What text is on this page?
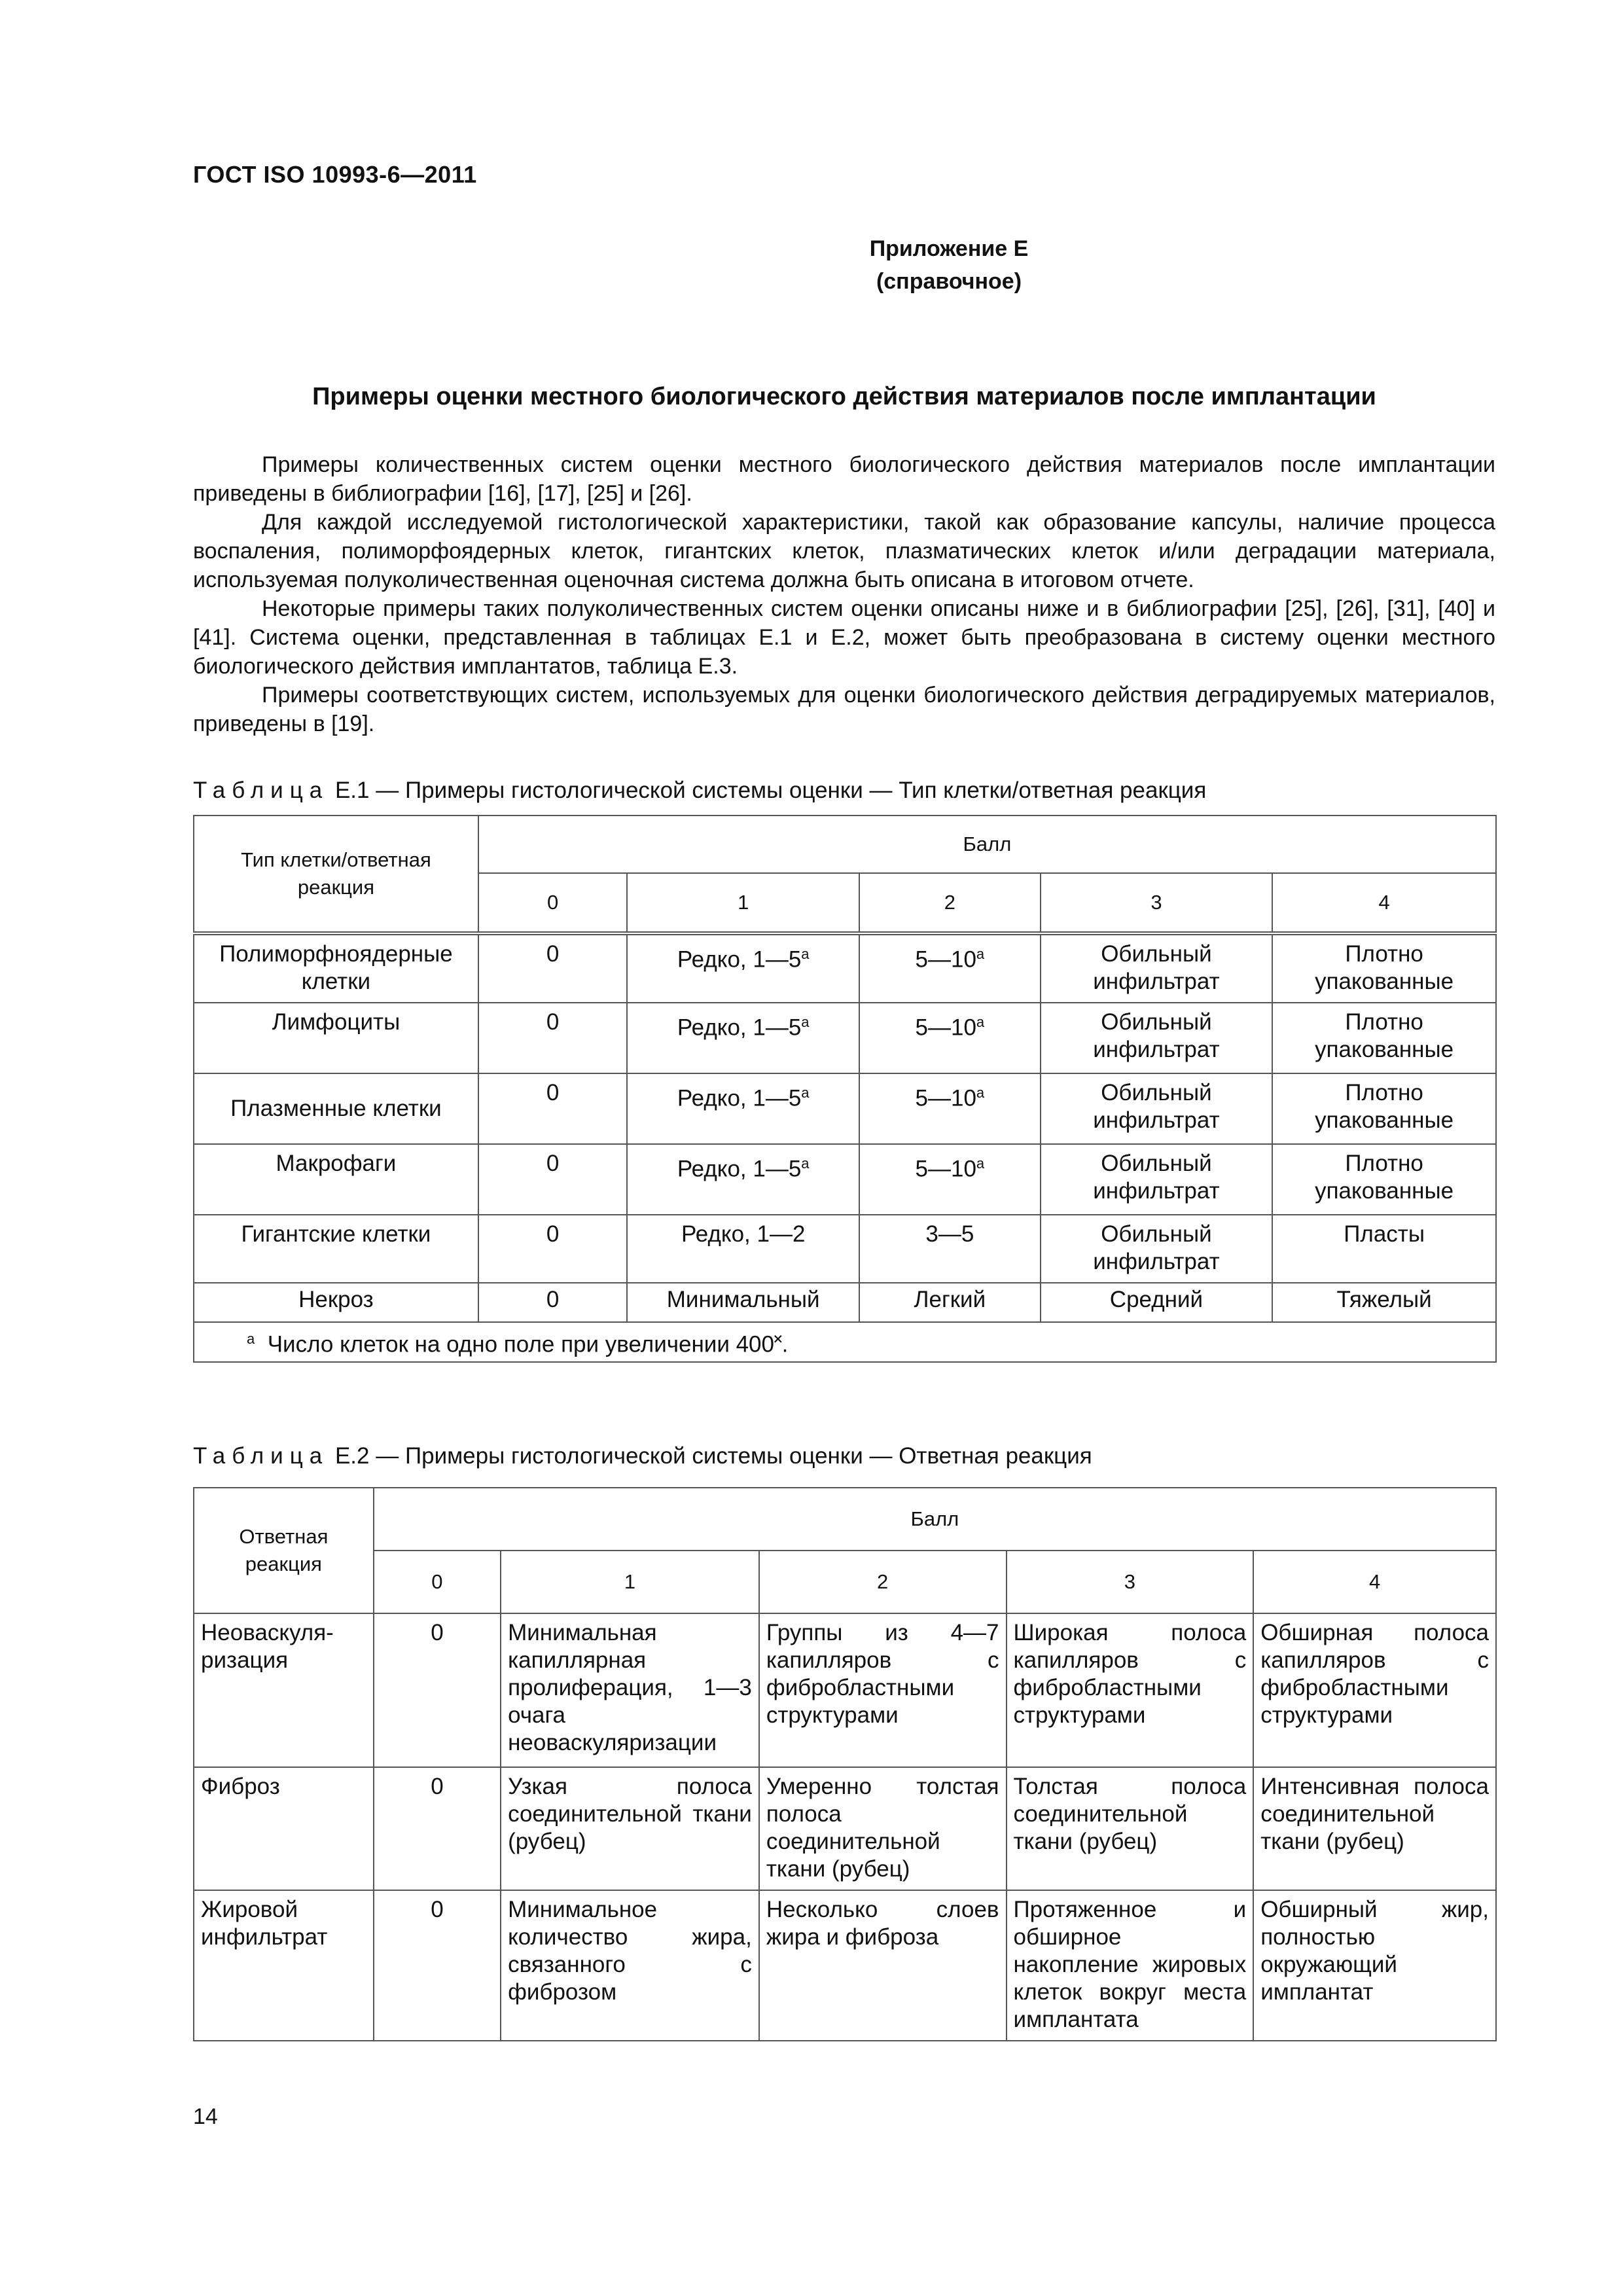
ГОСТ ISO 10993-6—2011
Приложение Е
(справочное)
Примеры оценки местного биологического действия материалов после имплантации

Примеры количественных систем оценки местного биологического действия материалов после имплантации приведены в библиографии [16], [17], [25] и [26].

Для каждой исследуемой гистологической характеристики, такой как образование капсулы, наличие процесса воспаления, полиморфоядерных клеток, гигантских клеток, плазматических клеток и/или деградации материала, используемая полуколичественная оценочная система должна быть описана в итоговом отчете.

Некоторые примеры таких полуколичественных систем оценки описаны ниже и в библиографии [25], [26], [31], [40] и [41]. Система оценки, представленная в таблицах Е.1 и Е.2, может быть преобразована в систему оценки местного биологического действия имплантатов, таблица Е.3.

Примеры соответствующих систем, используемых для оценки биологического действия деградируемых материалов, приведены в [19].

Таблица Е.1 — Примеры гистологической системы оценки — Тип клетки/ответная реакция
Тип клетки/ответная реакция	Балл				
	0	1	2	3	4
Полиморфноядерные клетки	0	Редко, $1—5^а$	$5—10^а$	Обильный инфильтрат	Плотно упакованные
Лимфоциты	0	Редко, $1—5^а$	$5—10^а$	Обильный инфильтрат	Плотно упакованные
Плазменные клетки	0	Редко, $1—5^а$	$5—10^а$	Обильный инфильтрат	Плотно упакованные
Макрофаги	0	Редко, $1—5^а$	$5—10^а$	Обильный инфильтрат	Плотно упакованные
Гигантские клетки	0	Редко, 1—2	3—5	Обильный инфильтрат	Пласты
Некроз	0	Минимальный	Легкий	Средний	Тяжелый
$^а$ Число клеток на одно поле при увеличении 400˟.					
Таблица Е.2 — Примеры гистологической системы оценки — Ответная реакция
Ответная реакция	Балл				
	0	1	2	3	4
Неоваскуля-ризация	0	Минимальная капиллярная пролиферация, 1—3 очага неоваскуляризации	Группы из 4—7 капилляров с фибробластными структурами	Широкая полоса капилляров с фибробластными структурами	Обширная полоса капилляров с фибробластными структурами
Фиброз	0	Узкая полоса соединительной ткани (рубец)	Умеренно толстая полоса соединительной ткани (рубец)	Толстая полоса соединительной ткани (рубец)	Интенсивная полоса соединительной ткани (рубец)
Жировой инфильтрат	0	Минимальное количество жира, связанного с фиброзом	Несколько слоев жира и фиброза	Протяженное и обширное накопление жировых клеток вокруг места имплантата	Обширный жир, полностью окружающий имплантат
14
